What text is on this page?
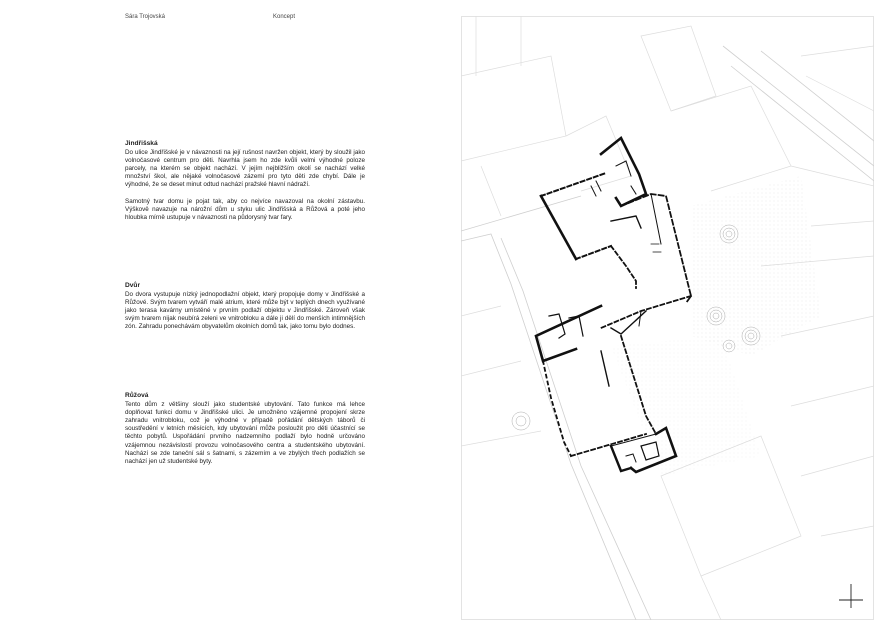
Sára Trojovská	Koncept
Jindřišská

Do ulice Jindřišské je v návaznosti na její rušnost navržen objekt, který by sloužil jako volnočasové centrum pro děti. Navrhla jsem ho zde kvůli velmi výhodné poloze parcely, na kterém se objekt nachází. V jejím nejbližším okolí se nachází velké množství škol, ale nějaké volnočasové zázemí pro tyto děti zde chybí. Dále je výhodné, že se deset minut odtud nachází pražské hlavní nádraží.

Samotný tvar domu je pojat tak, aby co nejvíce navazoval na okolní zástavbu. Výškově navazuje na nárožní dům u styku ulic Jindřišská a Růžová a poté jeho hloubka mírně ustupuje v návaznosti na půdorysný tvar fary.

Dvůr

Do dvora vystupuje nízký jednopodlažní objekt, který propojuje domy v Jindřišské a Růžové. Svým tvarem vytváří malé atrium, které může být v teplých dnech využívané jako terasa kavárny umístěné v prvním podlaží objektu v Jindřišské. Zároveň však svým tvarem nijak neubírá zeleni ve vnitrobloku a dále ji dělí do menších intimnějších zón. Zahradu ponechávám obyvatelům okolních domů tak, jako tomu bylo dodnes.

Růžová

Tento dům z většiny slouží jako studentské ubytování. Tato funkce má lehce doplňovat funkci domu v Jindřišské ulici. Je umožněno vzájemné propojení skrze zahradu vnitrobloku, což je výhodné v případě pořádání dětských táborů či soustředění v letních měsících, kdy ubytování může posloužit pro děti účastnící se těchto pobytů. Uspořádání prvního nadzemního podlaží bylo hodně určováno vzájemnou nezávislostí provozu volnočasového centra a studentského ubytování. Nachází se zde taneční sál s šatnami, s zázemím a ve zbylých třech podlažích se nachází jen už studentské byty.
